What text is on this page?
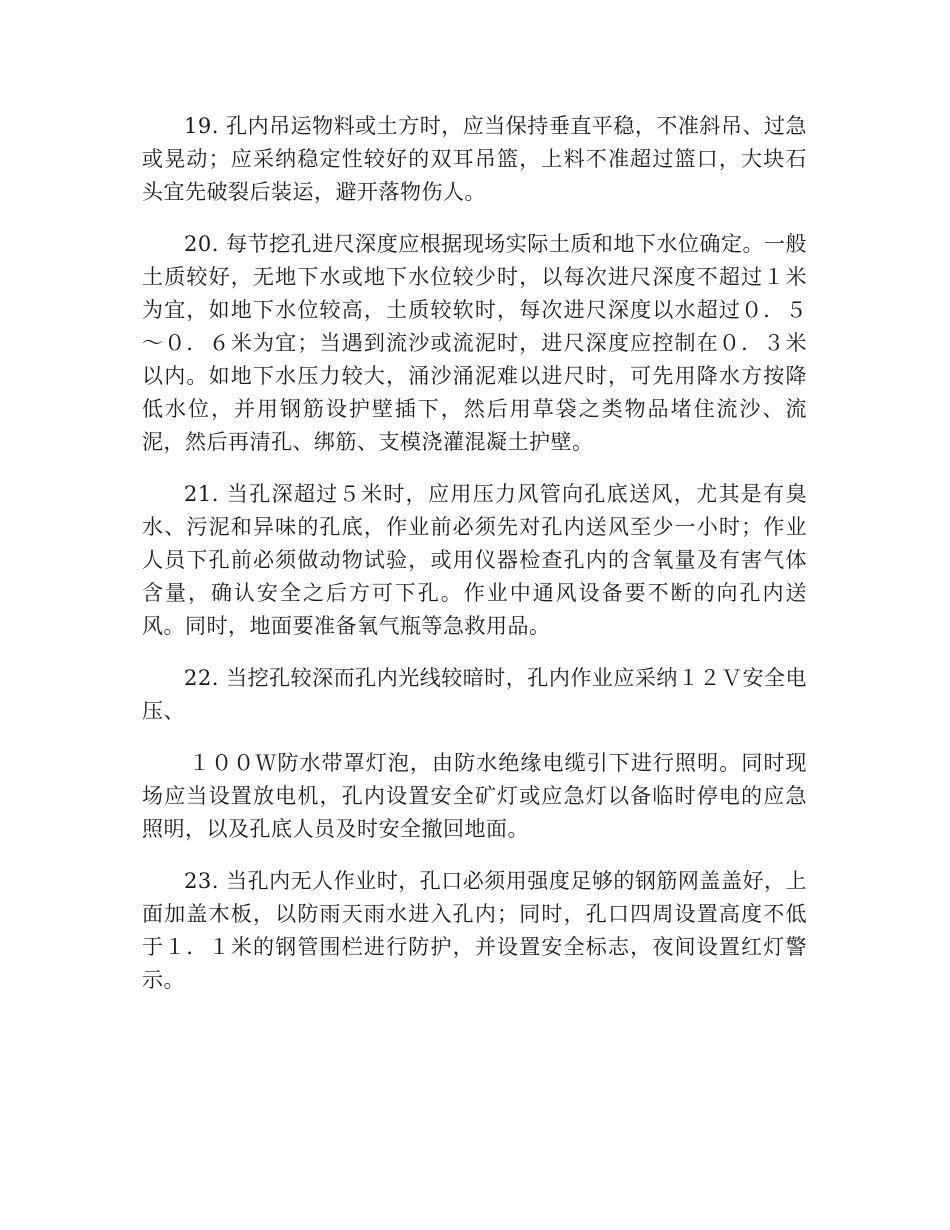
19. 孔内吊运物料或土方时，应当保持垂直平稳，不准斜吊、过急或晃动；应采纳稳定性较好的双耳吊篮，上料不准超过篮口，大块石头宜先破裂后装运，避开落物伤人。

20. 每节挖孔进尺深度应根据现场实际土质和地下水位确定。一般土质较好，无地下水或地下水位较少时，以每次进尺深度不超过１米为宜，如地下水位较高，土质较软时，每次进尺深度以水超过０．５～０．６米为宜；当遇到流沙或流泥时，进尺深度应控制在０．３米以内。如地下水压力较大，涌沙涌泥难以进尺时，可先用降水方按降低水位，并用钢筋设护壁插下，然后用草袋之类物品堵住流沙、流泥，然后再清孔、绑筋、支模浇灌混凝土护壁。

21. 当孔深超过５米时，应用压力风管向孔底送风，尤其是有臭水、污泥和异味的孔底，作业前必须先对孔内送风至少一小时；作业人员下孔前必须做动物试验，或用仪器检查孔内的含氧量及有害气体含量，确认安全之后方可下孔。作业中通风设备要不断的向孔内送风。同时，地面要准备氧气瓶等急救用品。

22. 当挖孔较深而孔内光线较暗时，孔内作业应采纳１２Ｖ安全电压、

１００Ｗ防水带罩灯泡，由防水绝缘电缆引下进行照明。同时现场应当设置放电机，孔内设置安全矿灯或应急灯以备临时停电的应急照明，以及孔底人员及时安全撤回地面。

23. 当孔内无人作业时，孔口必须用强度足够的钢筋网盖盖好，上面加盖木板，以防雨天雨水进入孔内；同时，孔口四周设置高度不低于１．１米的钢管围栏进行防护，并设置安全标志，夜间设置红灯警示。
